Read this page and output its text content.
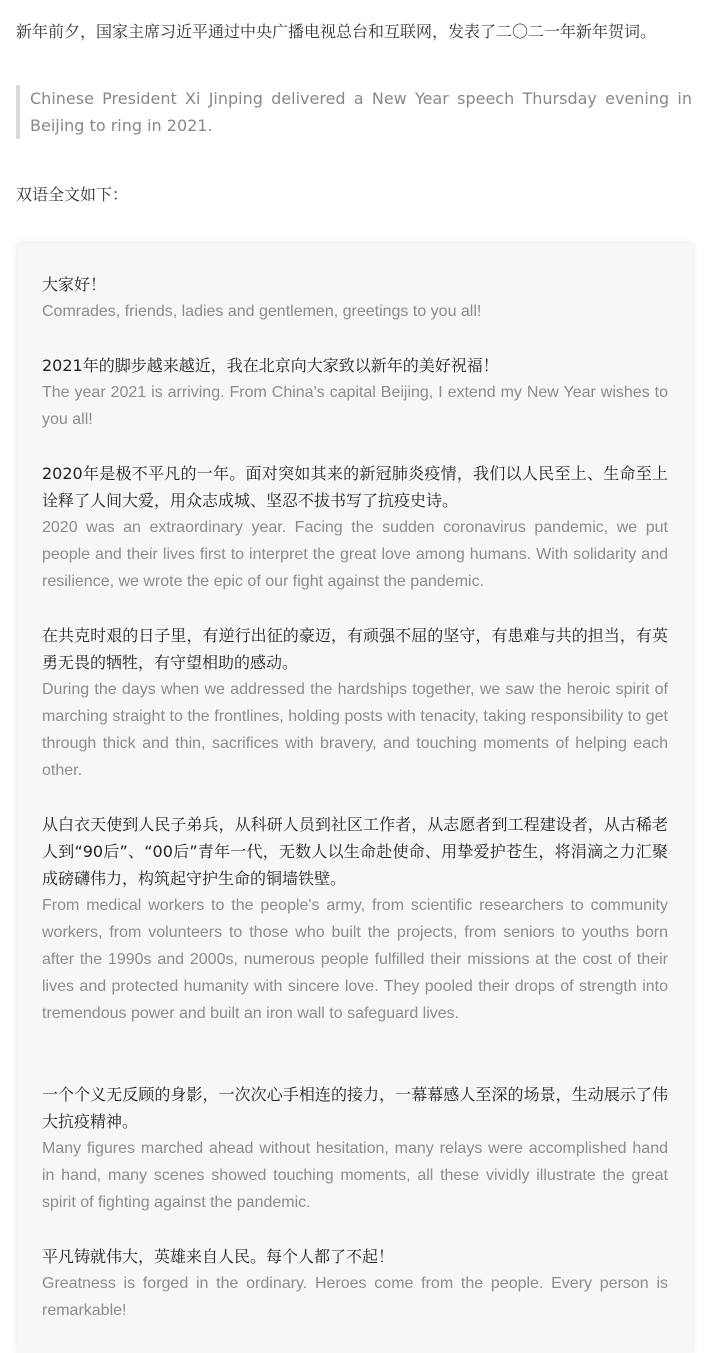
新年前夕，国家主席习近平通过中央广播电视总台和互联网，发表了二〇二一年新年贺词。
Chinese President Xi Jinping delivered a New Year speech Thursday evening in Beijing to ring in 2021.
双语全文如下：
大家好！
Comrades, friends, ladies and gentlemen, greetings to you all!
2021年的脚步越来越近，我在北京向大家致以新年的美好祝福！
The year 2021 is arriving. From China's capital Beijing, I extend my New Year wishes to you all!
2020年是极不平凡的一年。面对突如其来的新冠肺炎疫情，我们以人民至上、生命至上诠释了人间大爱，用众志成城、坚忍不拔书写了抗疫史诗。
2020 was an extraordinary year. Facing the sudden coronavirus pandemic, we put people and their lives first to interpret the great love among humans. With solidarity and resilience, we wrote the epic of our fight against the pandemic.
在共克时艰的日子里，有逆行出征的豪迈，有顽强不屈的坚守，有患难与共的担当，有英勇无畏的牺牲，有守望相助的感动。
During the days when we addressed the hardships together, we saw the heroic spirit of marching straight to the frontlines, holding posts with tenacity, taking responsibility to get through thick and thin, sacrifices with bravery, and touching moments of helping each other.
从白衣天使到人民子弟兵，从科研人员到社区工作者，从志愿者到工程建设者，从古稀老人到“90后”、“00后”青年一代，无数人以生命赴使命、用挚爱护苍生，将涓滴之力汇聚成磅礴伟力，构筑起守护生命的铜墙铁壁。
From medical workers to the people's army, from scientific researchers to community workers, from volunteers to those who built the projects, from seniors to youths born after the 1990s and 2000s, numerous people fulfilled their missions at the cost of their lives and protected humanity with sincere love. They pooled their drops of strength into tremendous power and built an iron wall to safeguard lives.
一个个义无反顾的身影，一次次心手相连的接力，一幕幕感人至深的场景，生动展示了伟大抗疫精神。
Many figures marched ahead without hesitation, many relays were accomplished hand in hand, many scenes showed touching moments, all these vividly illustrate the great spirit of fighting against the pandemic.
平凡铸就伟大，英雄来自人民。每个人都了不起！
Greatness is forged in the ordinary. Heroes come from the people. Every person is remarkable!
